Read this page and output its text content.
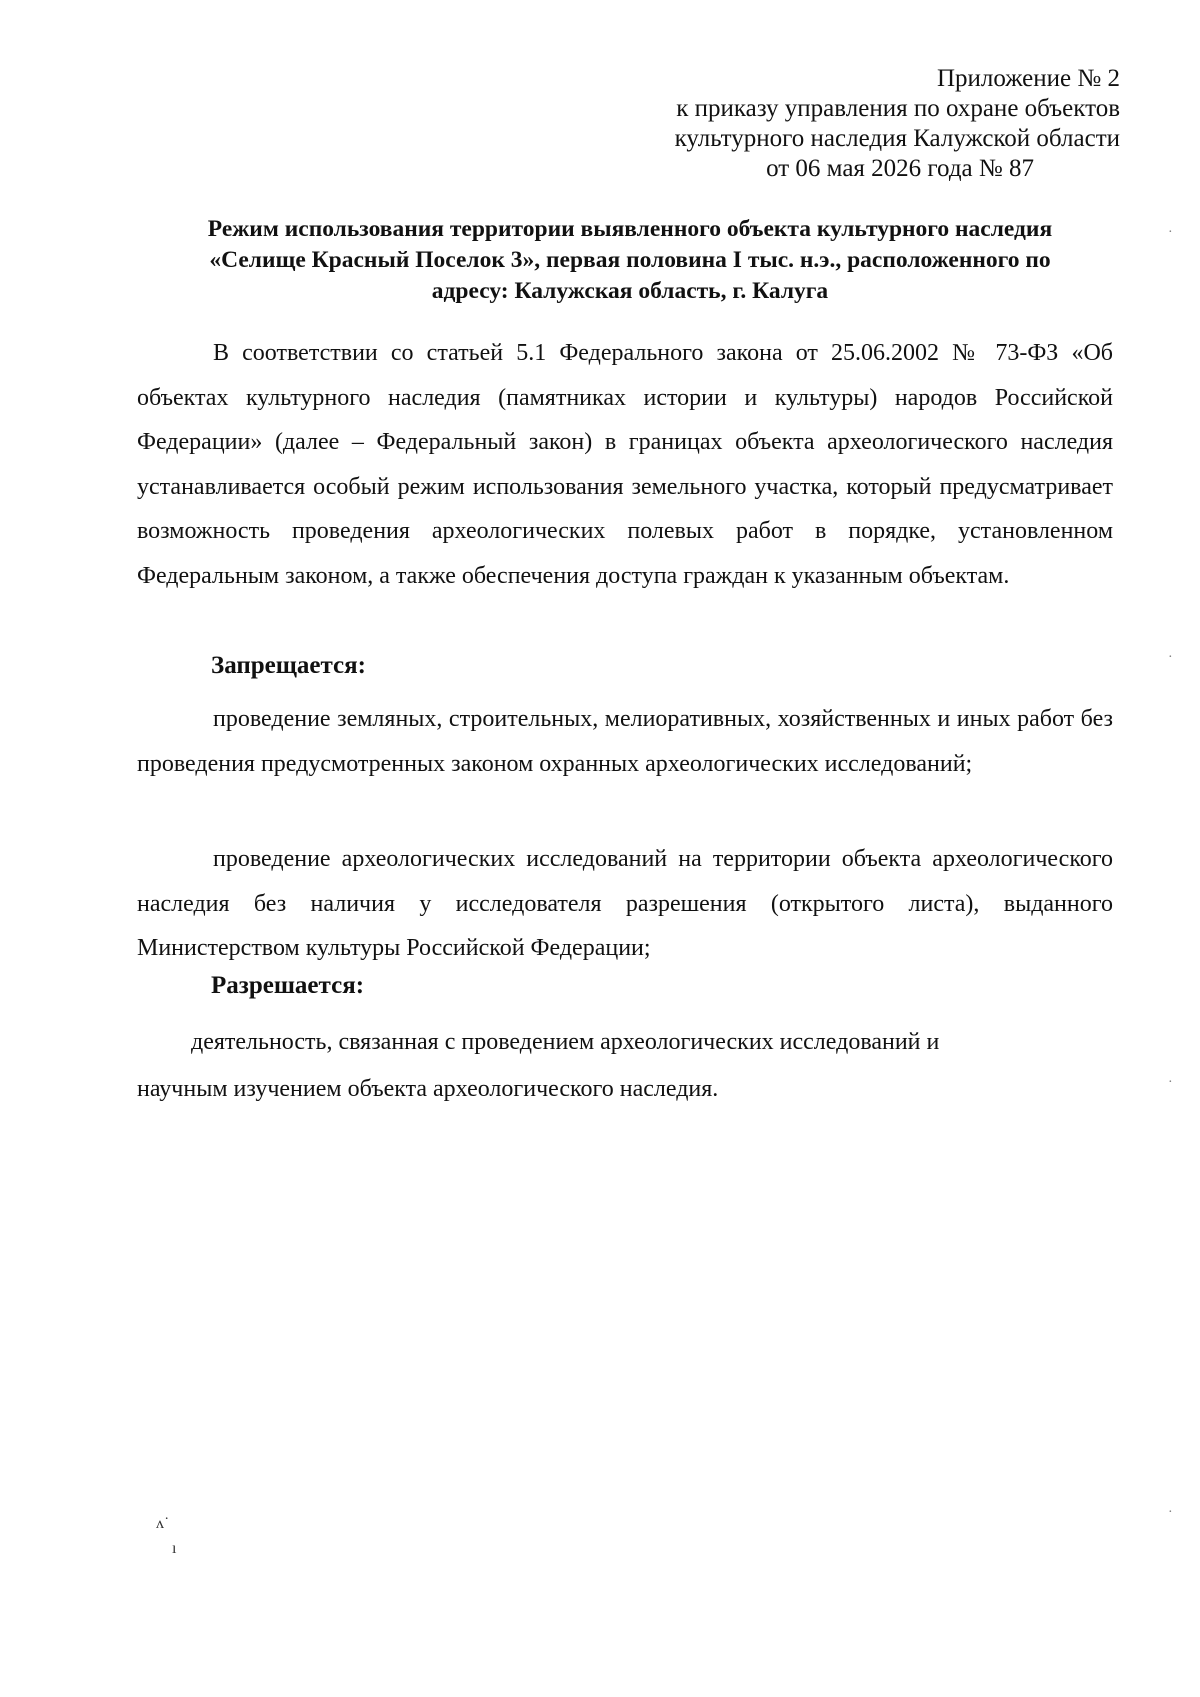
Приложение № 2
к приказу управления по охране объектов
культурного наследия Калужской области
от 06 мая 2026 года № 87
Режим использования территории выявленного объекта культурного наследия
«Селище Красный Поселок 3», первая половина I тыс. н.э., расположенного по
адресу: Калужская область, г. Калуга
В соответствии со статьей 5.1 Федерального закона от 25.06.2002 № 73-ФЗ «Об объектах культурного наследия (памятниках истории и культуры) народов Российской Федерации» (далее – Федеральный закон) в границах объекта археологического наследия устанавливается особый режим использования земельного участка, который предусматривает возможность проведения археологических полевых работ в порядке, установленном Федеральным законом, а также обеспечения доступа граждан к указанным объектам.
Запрещается:
проведение земляных, строительных, мелиоративных, хозяйственных и иных работ без проведения предусмотренных законом охранных археологических исследований;
проведение археологических исследований на территории объекта археологического наследия без наличия у исследователя разрешения (открытого листа), выданного Министерством культуры Российской Федерации;
Разрешается:
деятельность, связанная с проведением археологических исследований и
научным изучением объекта археологического наследия.
·
·
·
·
ʌ˙
ı
